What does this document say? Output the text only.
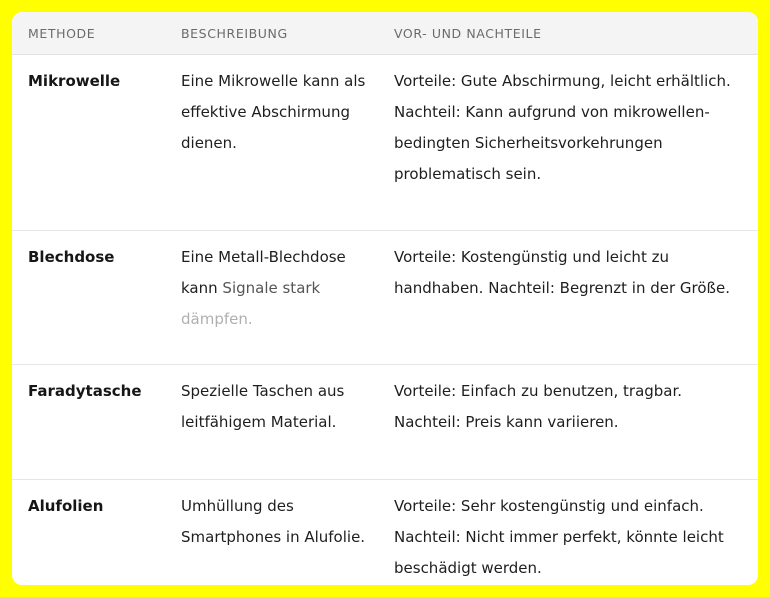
METHODE	BESCHREIBUNG	VOR- UND NACHTEILE
Mikrowelle	Eine Mikrowelle kann als effektive Abschirmung dienen.	Vorteile: Gute Abschirmung, leicht erhältlich. Nachteil: Kann aufgrund von mikrowellen-bedingten Sicherheitsvorkehrungen problematisch sein.
Blechdose	Eine Metall-Blechdose kann Signale stark dämpfen.	Vorteile: Kostengünstig und leicht zu handhaben. Nachteil: Begrenzt in der Größe.
Faradytasche	Spezielle Taschen aus leitfähigem Material.	Vorteile: Einfach zu benutzen, tragbar. Nachteil: Preis kann variieren.
Alufolien	Umhüllung des Smartphones in Alufolie.	Vorteile: Sehr kostengünstig und einfach. Nachteil: Nicht immer perfekt, könnte leicht beschädigt werden.
